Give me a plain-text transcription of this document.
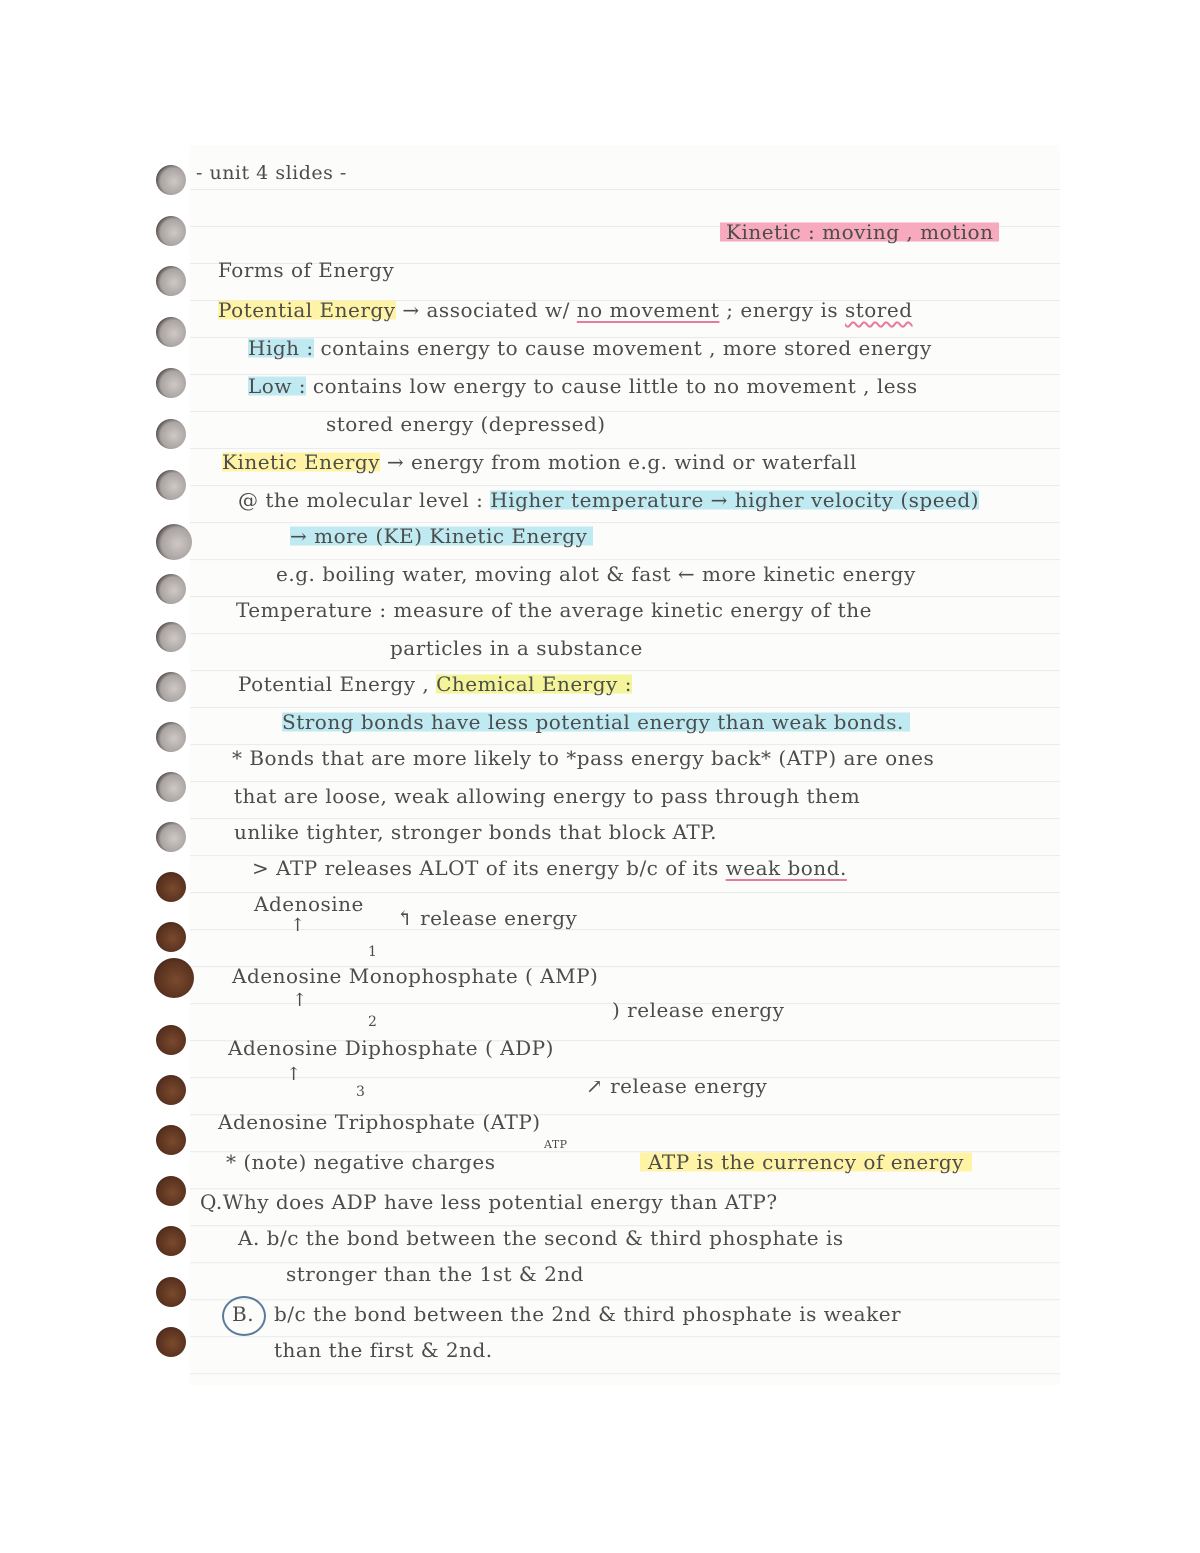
- unit 4 slides -
Kinetic : moving , motion
Forms of Energy
Potential Energy → associated w/ no movement ; energy is stored
High : contains energy to cause movement , more stored energy
Low : contains low energy to cause little to no movement , less
stored energy (depressed)
Kinetic Energy → energy from motion e.g. wind or waterfall
@ the molecular level : Higher temperature → higher velocity (speed)
→ more (KE) Kinetic Energy
e.g. boiling water, moving alot & fast ← more kinetic energy
Temperature : measure of the average kinetic energy of the
particles in a substance
Potential Energy , Chemical Energy :
Strong bonds have less potential energy than weak bonds.
* Bonds that are more likely to *pass energy back* (ATP) are ones
that are loose, weak allowing energy to pass through them
unlike tighter, stronger bonds that block ATP.
> ATP releases ALOT of its energy b/c of its weak bond.
Adenosine
↑	↰ release energy
1
Adenosine Monophosphate ( AMP)
↑	) release energy
2
Adenosine Diphosphate ( ADP)
↑	↗ release energy
3
Adenosine Triphosphate (ATP)
ATP
* (note) negative charges	ATP is the currency of energy
Q.Why does ADP have less potential energy than ATP?
A. b/c the bond between the second & third phosphate is
stronger than the 1st & 2nd
B. b/c the bond between the 2nd & third phosphate is weaker
than the first & 2nd.
